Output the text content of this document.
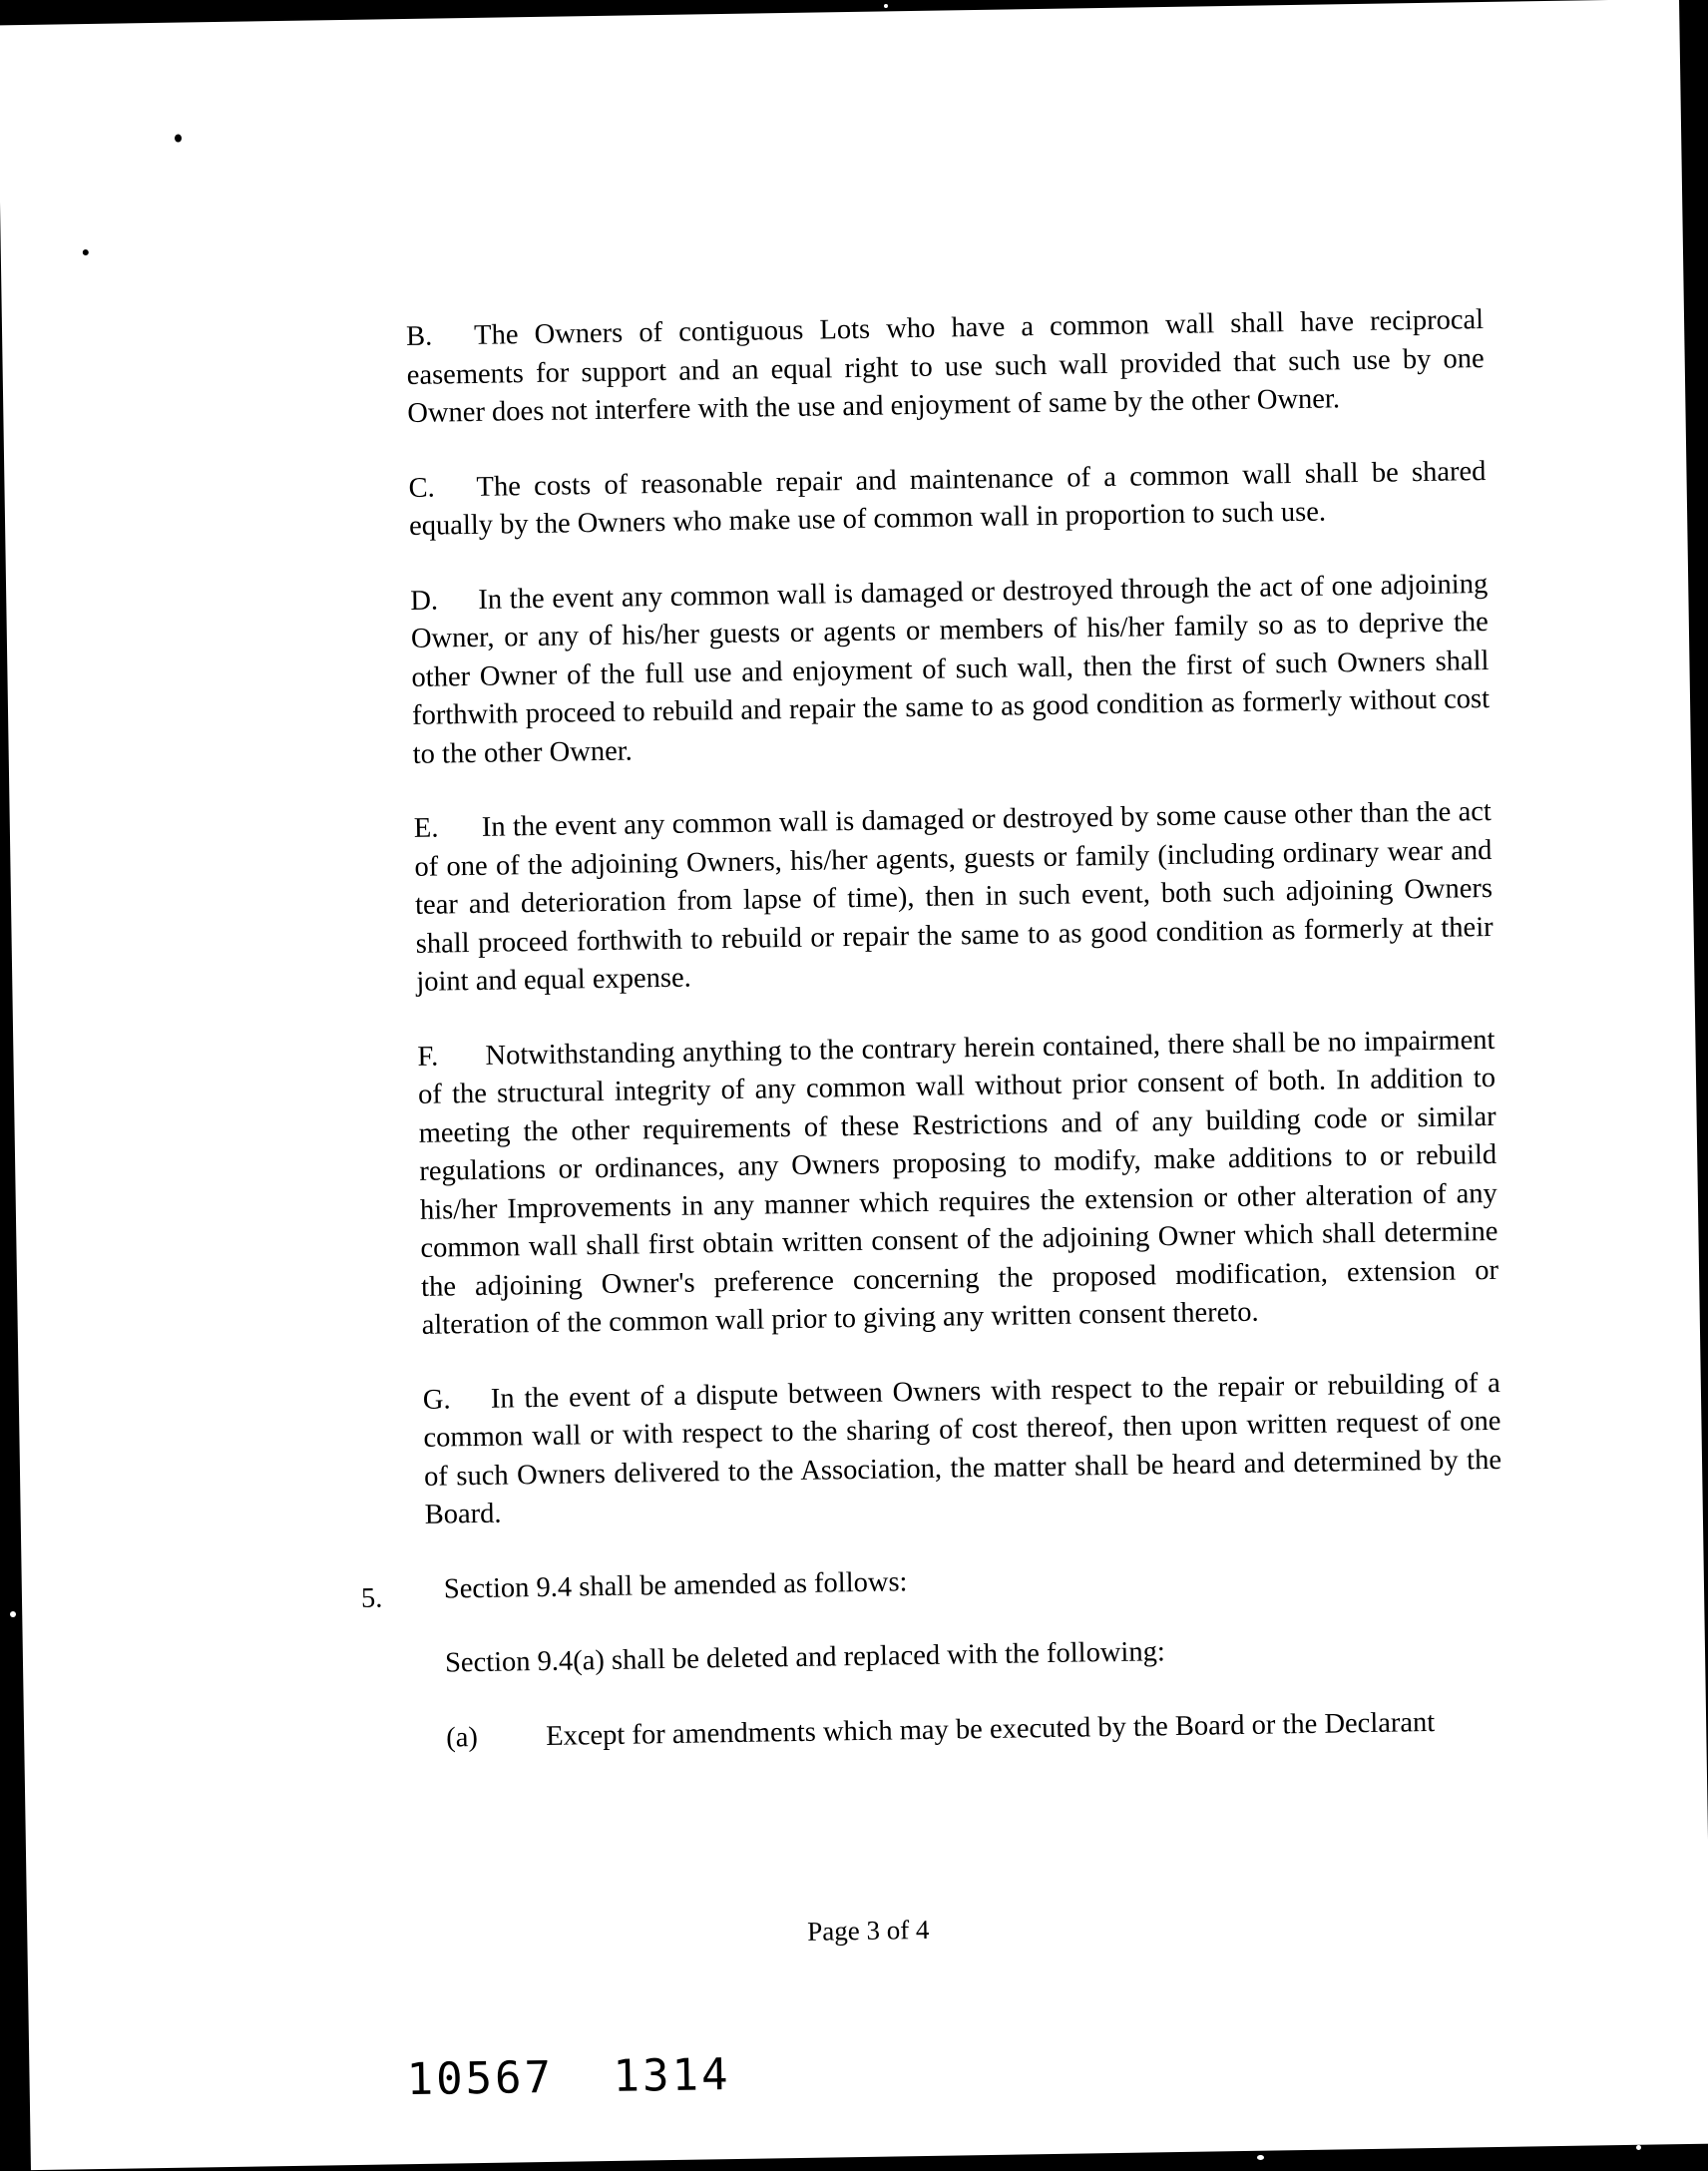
B. The Owners of contiguous Lots who have a common wall shall have reciprocal easements for support and an equal right to use such wall provided that such use by one Owner does not interfere with the use and enjoyment of same by the other Owner.

C. The costs of reasonable repair and maintenance of a common wall shall be shared equally by the Owners who make use of common wall in proportion to such use.

D. In the event any common wall is damaged or destroyed through the act of one adjoining Owner, or any of his/her guests or agents or members of his/her family so as to deprive the other Owner of the full use and enjoyment of such wall, then the first of such Owners shall forthwith proceed to rebuild and repair the same to as good condition as formerly without cost to the other Owner.

E. In the event any common wall is damaged or destroyed by some cause other than the act of one of the adjoining Owners, his/her agents, guests or family (including ordinary wear and tear and deterioration from lapse of time), then in such event, both such adjoining Owners shall proceed forthwith to rebuild or repair the same to as good condition as formerly at their joint and equal expense.

F. Notwithstanding anything to the contrary herein contained, there shall be no impairment of the structural integrity of any common wall without prior consent of both. In addition to meeting the other requirements of these Restrictions and of any building code or similar regulations or ordinances, any Owners proposing to modify, make additions to or rebuild his/her Improvements in any manner which requires the extension or other alteration of any common wall shall first obtain written consent of the adjoining Owner which shall determine the adjoining Owner's preference concerning the proposed modification, extension or alteration of the common wall prior to giving any written consent thereto.

G. In the event of a dispute between Owners with respect to the repair or rebuilding of a common wall or with respect to the sharing of cost thereof, then upon written request of one of such Owners delivered to the Association, the matter shall be heard and determined by the Board.

5. Section 9.4 shall be amended as follows:
Section 9.4(a) shall be deleted and replaced with the following:
(a) Except for amendments which may be executed by the Board or the Declarant
Page 3 of 4
10567 1314
